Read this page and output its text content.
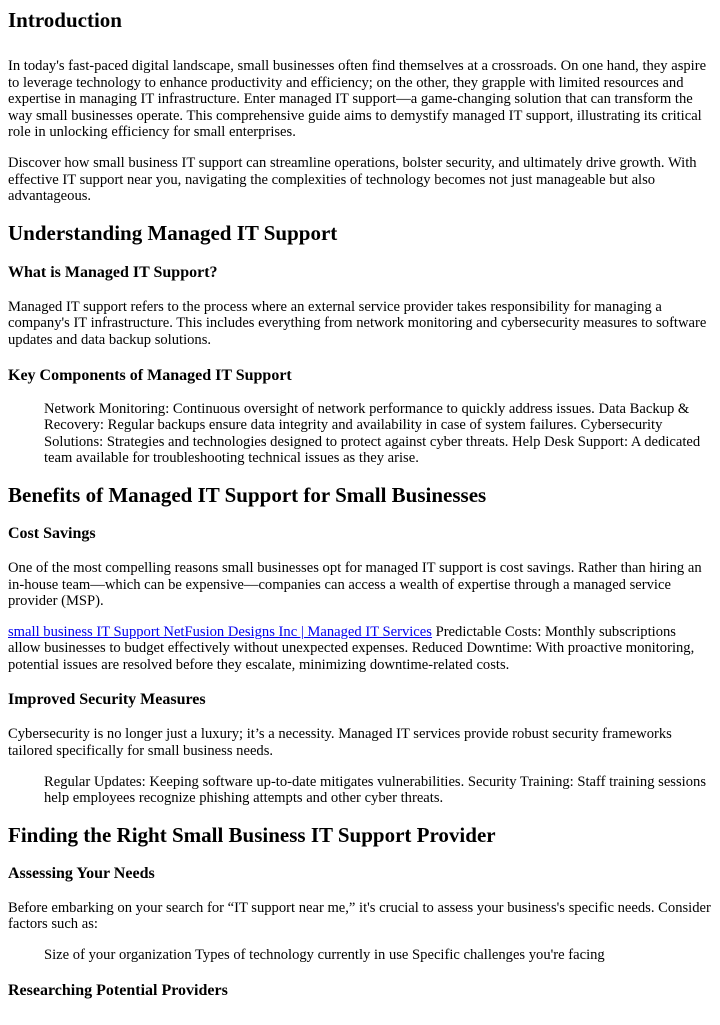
Introduction

In today's fast-paced digital landscape, small businesses often find themselves at a crossroads. On one hand, they aspire to leverage technology to enhance productivity and efficiency; on the other, they grapple with limited resources and expertise in managing IT infrastructure. Enter managed IT support—a game-changing solution that can transform the way small businesses operate. This comprehensive guide aims to demystify managed IT support, illustrating its critical role in unlocking efficiency for small enterprises.

Discover how small business IT support can streamline operations, bolster security, and ultimately drive growth. With effective IT support near you, navigating the complexities of technology becomes not just manageable but also advantageous.

Understanding Managed IT Support
What is Managed IT Support?

Managed IT support refers to the process where an external service provider takes responsibility for managing a company's IT infrastructure. This includes everything from network monitoring and cybersecurity measures to software updates and data backup solutions.

Key Components of Managed IT Support
Network Monitoring: Continuous oversight of network performance to quickly address issues. Data Backup & Recovery: Regular backups ensure data integrity and availability in case of system failures. Cybersecurity Solutions: Strategies and technologies designed to protect against cyber threats. Help Desk Support: A dedicated team available for troubleshooting technical issues as they arise.
Benefits of Managed IT Support for Small Businesses
Cost Savings

One of the most compelling reasons small businesses opt for managed IT support is cost savings. Rather than hiring an in-house team—which can be expensive—companies can access a wealth of expertise through a managed service provider (MSP).

small business IT Support NetFusion Designs Inc | Managed IT Services Predictable Costs: Monthly subscriptions allow businesses to budget effectively without unexpected expenses. Reduced Downtime: With proactive monitoring, potential issues are resolved before they escalate, minimizing downtime-related costs.

Improved Security Measures

Cybersecurity is no longer just a luxury; it’s a necessity. Managed IT services provide robust security frameworks tailored specifically for small business needs.

Regular Updates: Keeping software up-to-date mitigates vulnerabilities. Security Training: Staff training sessions help employees recognize phishing attempts and other cyber threats.
Finding the Right Small Business IT Support Provider
Assessing Your Needs

Before embarking on your search for “IT support near me,” it's crucial to assess your business's specific needs. Consider factors such as:

Size of your organization Types of technology currently in use Specific challenges you're facing
Researching Potential Providers
